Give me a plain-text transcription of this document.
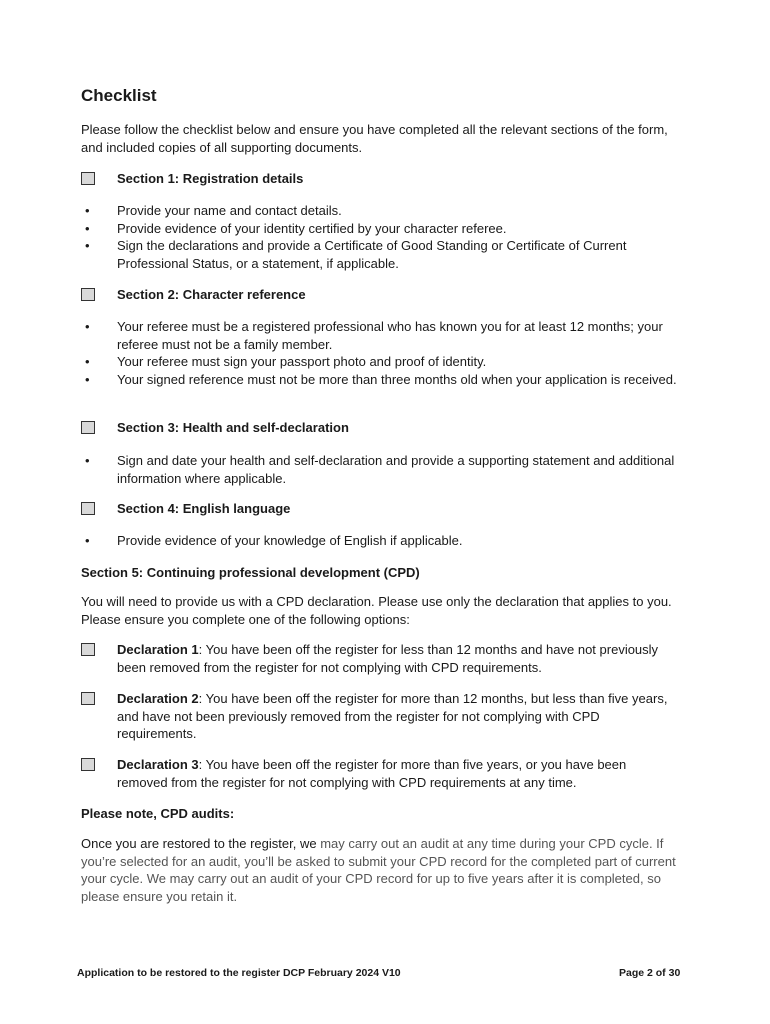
Checklist

Please follow the checklist below and ensure you have completed all the relevant sections of the form, and included copies of all supporting documents.

Section 1: Registration details
• Provide your name and contact details.
• Provide evidence of your identity certified by your character referee.
• Sign the declarations and provide a Certificate of Good Standing or Certificate of Current Professional Status, or a statement, if applicable.
Section 2: Character reference
• Your referee must be a registered professional who has known you for at least 12 months; your referee must not be a family member.
• Your referee must sign your passport photo and proof of identity.
• Your signed reference must not be more than three months old when your application is received.
Section 3: Health and self-declaration
• Sign and date your health and self-declaration and provide a supporting statement and additional information where applicable.
Section 4: English language
• Provide evidence of your knowledge of English if applicable.

Section 5: Continuing professional development (CPD)

You will need to provide us with a CPD declaration. Please use only the declaration that applies to you. Please ensure you complete one of the following options:

Declaration 1: You have been off the register for less than 12 months and have not previously been removed from the register for not complying with CPD requirements.
Declaration 2: You have been off the register for more than 12 months, but less than five years, and have not been previously removed from the register for not complying with CPD requirements.
Declaration 3: You have been off the register for more than five years, or you have been removed from the register for not complying with CPD requirements at any time.

Please note, CPD audits:

Once you are restored to the register, we may carry out an audit at any time during your CPD cycle. If you’re selected for an audit, you’ll be asked to submit your CPD record for the completed part of current your cycle. We may carry out an audit of your CPD record for up to five years after it is completed, so please ensure you retain it.

Application to be restored to the register DCP February 2024 V10	Page 2 of 30
